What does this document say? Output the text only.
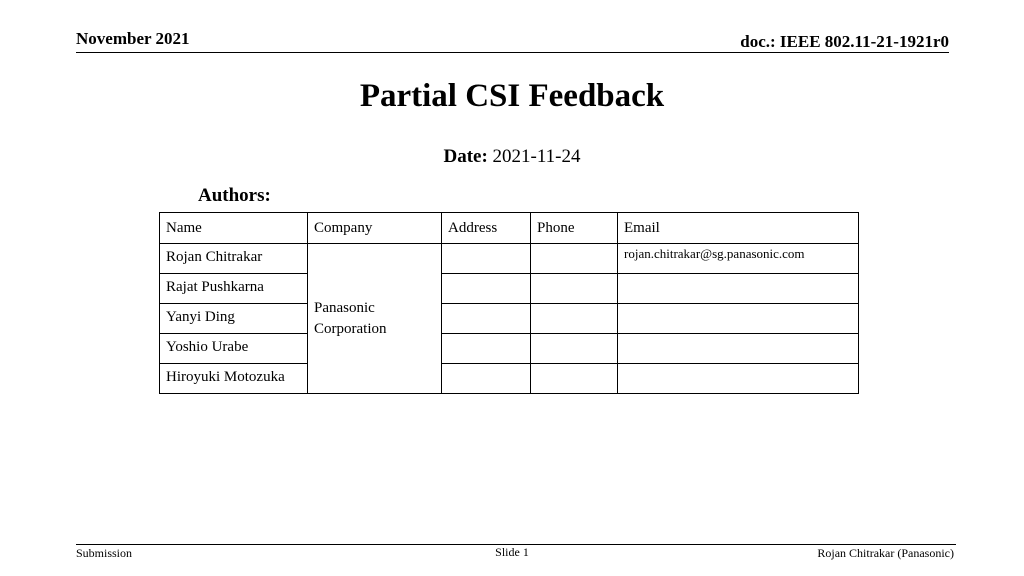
November 2021	doc.: IEEE 802.11-21-1921r0
Partial CSI Feedback
Date: 2021-11-24
Authors:
Name	Company	Address	Phone	Email
Rojan Chitrakar	Panasonic Corporation			rojan.chitrakar@sg.panasonic.com
Rajat Pushkarna				
Yanyi Ding				
Yoshio Urabe				
Hiroyuki Motozuka				
Submission	Slide 1	Rojan Chitrakar (Panasonic)
